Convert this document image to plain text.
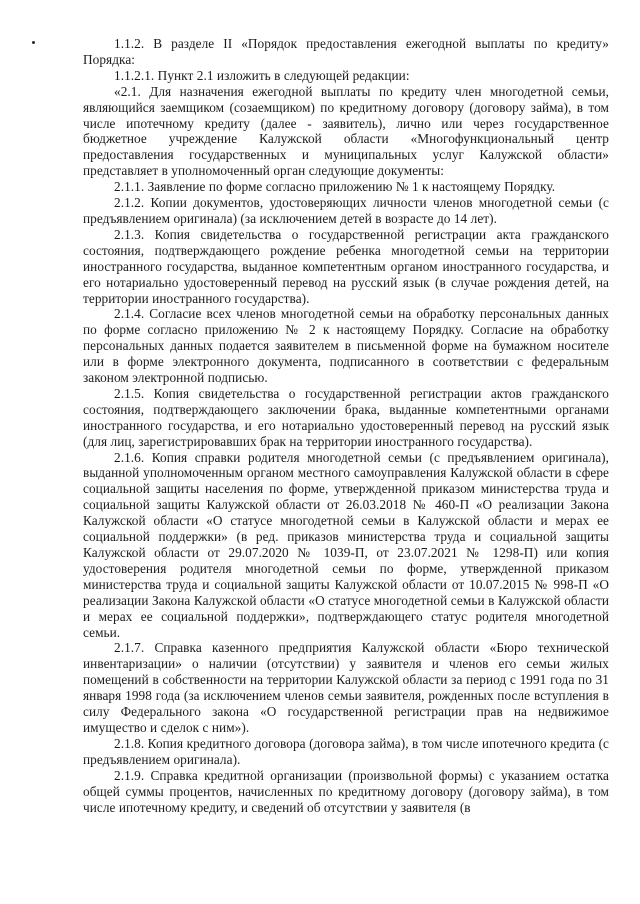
1.1.2. В разделе II «Порядок предоставления ежегодной выплаты по кредиту» Порядка:

1.1.2.1. Пункт 2.1 изложить в следующей редакции:

«2.1. Для назначения ежегодной выплаты по кредиту член многодетной семьи, являющийся заемщиком (созаемщиком) по кредитному договору (договору займа), в том числе ипотечному кредиту (далее - заявитель), лично или через государственное бюджетное учреждение Калужской области «Многофункциональный центр предоставления государственных и муниципальных услуг Калужской области» представляет в уполномоченный орган следующие документы:

2.1.1. Заявление по форме согласно приложению № 1 к настоящему Порядку.

2.1.2. Копии документов, удостоверяющих личности членов многодетной семьи (с предъявлением оригинала) (за исключением детей в возрасте до 14 лет).

2.1.3. Копия свидетельства о государственной регистрации акта гражданского состояния, подтверждающего рождение ребенка многодетной семьи на территории иностранного государства, выданное компетентным органом иностранного государства, и его нотариально удостоверенный перевод на русский язык (в случае рождения детей, на территории иностранного государства).

2.1.4. Согласие всех членов многодетной семьи на обработку персональных данных по форме согласно приложению № 2 к настоящему Порядку. Согласие на обработку персональных данных подается заявителем в письменной форме на бумажном носителе или в форме электронного документа, подписанного в соответствии с федеральным законом электронной подписью.

2.1.5. Копия свидетельства о государственной регистрации актов гражданского состояния, подтверждающего заключении брака, выданные компетентными органами иностранного государства, и его нотариально удостоверенный перевод на русский язык (для лиц, зарегистрировавших брак на территории иностранного государства).

2.1.6. Копия справки родителя многодетной семьи (с предъявлением оригинала), выданной уполномоченным органом местного самоуправления Калужской области в сфере социальной защиты населения по форме, утвержденной приказом министерства труда и социальной защиты Калужской области от 26.03.2018 № 460-П «О реализации Закона Калужской области «О статусе многодетной семьи в Калужской области и мерах ее социальной поддержки» (в ред. приказов министерства труда и социальной защиты Калужской области от 29.07.2020 № 1039-П, от 23.07.2021 № 1298-П) или копия удостоверения родителя многодетной семьи по форме, утвержденной приказом министерства труда и социальной защиты Калужской области от 10.07.2015 № 998-П «О реализации Закона Калужской области «О статусе многодетной семьи в Калужской области и мерах ее социальной поддержки», подтверждающего статус родителя многодетной семьи.

2.1.7. Справка казенного предприятия Калужской области «Бюро технической инвентаризации» о наличии (отсутствии) у заявителя и членов его семьи жилых помещений в собственности на территории Калужской области за период с 1991 года по 31 января 1998 года (за исключением членов семьи заявителя, рожденных после вступления в силу Федерального закона «О государственной регистрации прав на недвижимое имущество и сделок с ним»).

2.1.8. Копия кредитного договора (договора займа), в том числе ипотечного кредита (с предъявлением оригинала).

2.1.9. Справка кредитной организации (произвольной формы) с указанием остатка общей суммы процентов, начисленных по кредитному договору (договору займа), в том числе ипотечному кредиту, и сведений об отсутствии у заявителя (в
